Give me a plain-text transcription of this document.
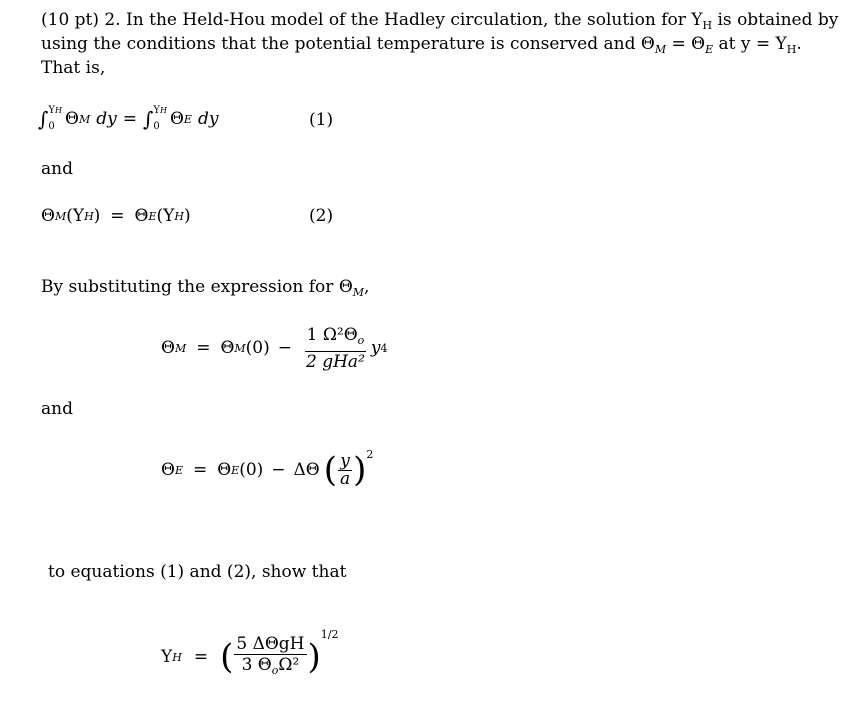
(10 pt) 2. In the Held-Hou model of the Hadley circulation, the solution for $Y_H$ is obtained by
using the conditions that the potential temperature is conserved and $\Theta_M = \Theta_E$ at $y = Y_H$.
That is,
∫ YH
0 Θ M dy = ∫ YH
0 Θ E dy	(1)
and
Θ M (Y H ) = Θ E (Y H )	(2)
By substituting the expression for $\Theta_M$,
Θ M = Θ M $(0) - \frac{1 \Omega^2\Theta_o}{\text{2 gHa²}}$ y 4
and
Θ E = Θ E (0) − ΔΘ ( $\frac{y}{a}$ ) 2
to equations (1) and (2), show that
Y H = ( $\frac{\text{5 ΔΘgH}}{3 \Theta_o\Omega^2}$ )
1/2
